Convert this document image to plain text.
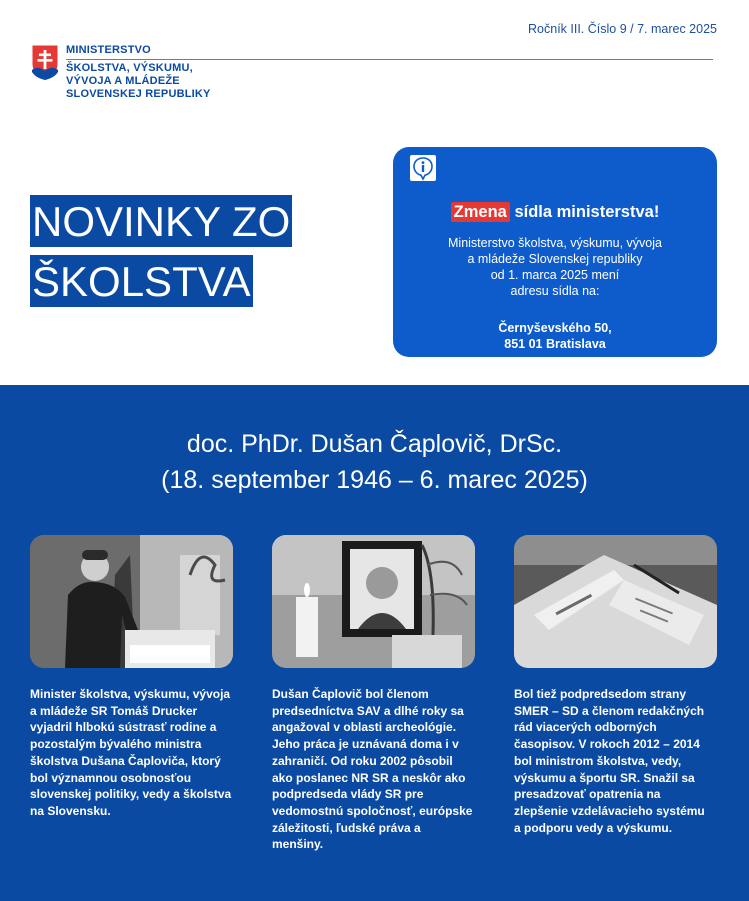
Ročník III. Číslo 9 / 7. marec 2025
MINISTERSTVO
ŠKOLSTVA, VÝSKUMU,
VÝVOJA A MLÁDEŽE
SLOVENSKEJ REPUBLIKY
NOVINKY ZO
ŠKOLSTVA
Zmena sídla ministerstva!
Ministerstvo školstva, výskumu, vývoja
a mládeže Slovenskej republiky
od 1. marca 2025 mení
adresu sídla na:
Černyševského 50,
851 01 Bratislava
doc. PhDr. Dušan Čaplovič, DrSc.
(18. september 1946 – 6. marec 2025)
Minister školstva, výskumu, vývoja
a mládeže SR Tomáš Drucker
vyjadril hlbokú sústrasť rodine a
pozostalým bývalého ministra
školstva Dušana Čaploviča, ktorý
bol významnou osobnosťou
slovenskej politiky, vedy a školstva
na Slovensku.
Dušan Čaplovič bol členom
predsedníctva SAV a dlhé roky sa
angažoval v oblasti archeológie.
Jeho práca je uznávaná doma i v
zahraničí. Od roku 2002 pôsobil
ako poslanec NR SR a neskôr ako
podpredseda vlády SR pre
vedomostnú spoločnosť, európske
záležitosti, ľudské práva a
menšiny.
Bol tiež podpredsedom strany
SMER – SD a členom redakčných
rád viacerých odborných
časopisov. V rokoch 2012 – 2014
bol ministrom školstva, vedy,
výskumu a športu SR. Snažil sa
presadzovať opatrenia na
zlepšenie vzdelávacieho systému
a podporu vedy a výskumu.
